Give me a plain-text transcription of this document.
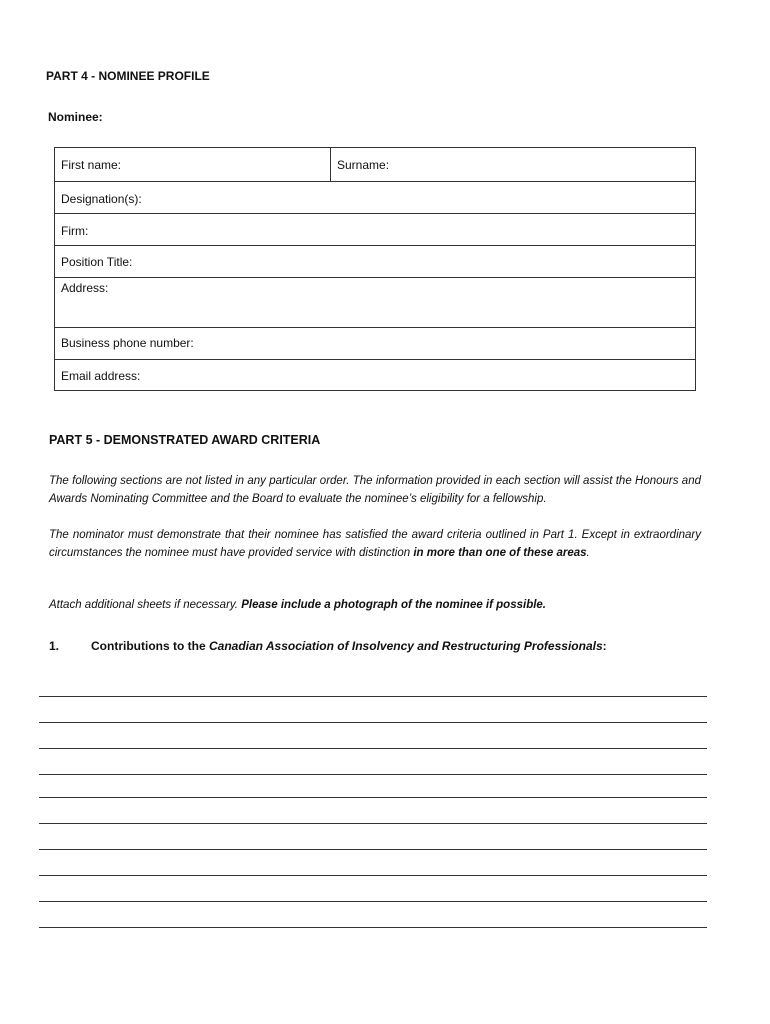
PART 4 - NOMINEE PROFILE
Nominee:
First name:	Surname:
Designation(s):
Firm:
Position Title:
Address:
Business phone number:
Email address:
PART 5 - DEMONSTRATED AWARD CRITERIA
The following sections are not listed in any particular order. The information provided in each section will assist the Honours and Awards Nominating Committee and the Board to evaluate the nominee’s eligibility for a fellowship.
The nominator must demonstrate that their nominee has satisfied the award criteria outlined in Part 1. Except in extraordinary circumstances the nominee must have provided service with distinction in more than one of these areas.
Attach additional sheets if necessary. Please include a photograph of the nominee if possible.
1.	Contributions to the Canadian Association of Insolvency and Restructuring Professionals:
